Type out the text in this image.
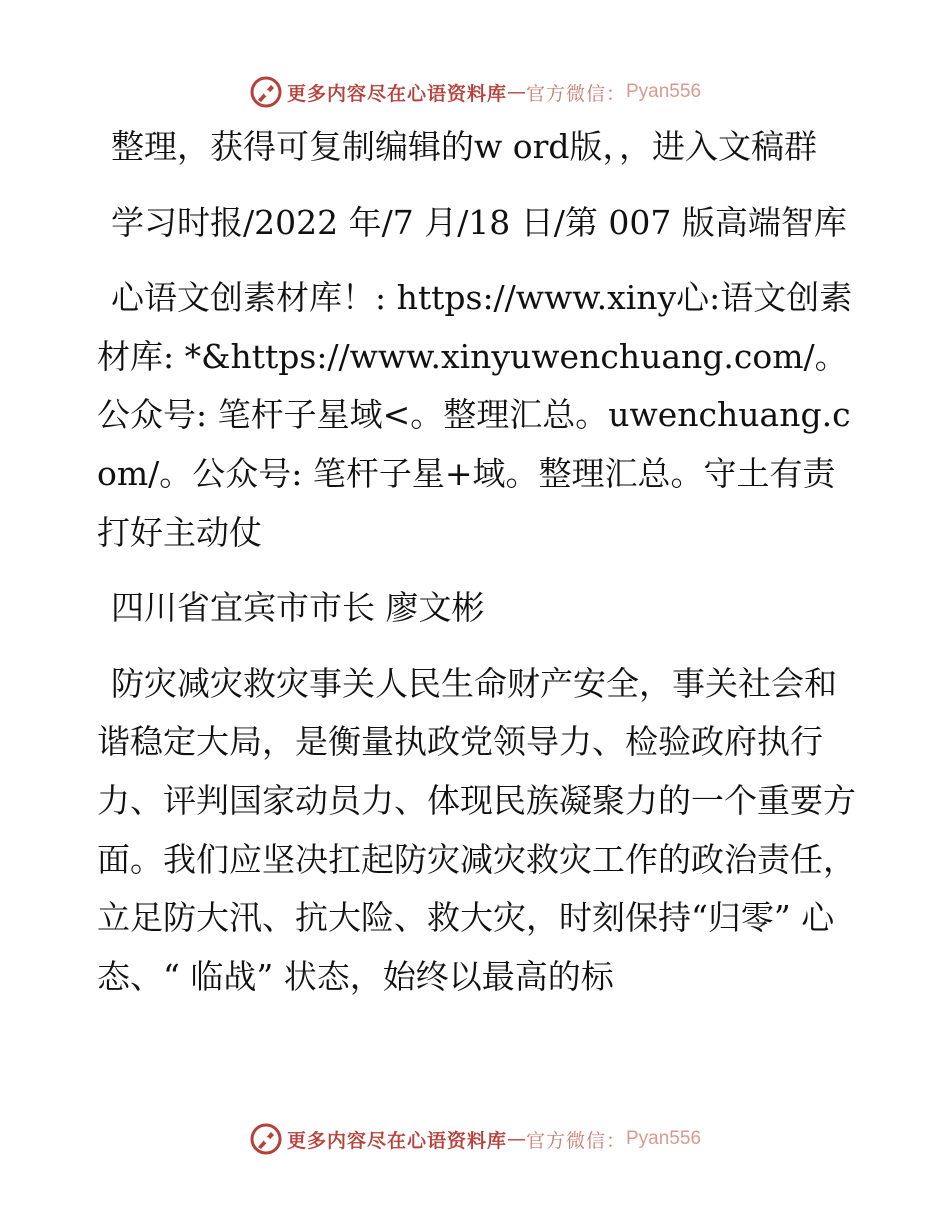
更多内容尽在心语资料库 — 官方微信： Pyan556

整理，获得可复制编辑的w ord版，，进入文稿群

学习时报/2022 年/7 月/18 日/第 007 版高端智库

心语文创素材库！: https://www.xiny心:语文创素材库: *&https://www.xinyuwenchuang.com/。公众号: 笔杆子星域<。整理汇总。uwenchuang.com/。公众号: 笔杆子星+域。整理汇总。守土有责打好主动仗

四川省宜宾市市长 廖文彬

防灾减灾救灾事关人民生命财产安全，事关社会和谐稳定大局，是衡量执政党领导力、检验政府执行力、评判国家动员力、体现民族凝聚力的一个重要方面。我们应坚决扛起防灾减灾救灾工作的政治责任，立足防大汛、抗大险、救大灾，时刻保持“归零” 心态、“ 临战” 状态，始终以最高的标

更多内容尽在心语资料库 — 官方微信： Pyan556
